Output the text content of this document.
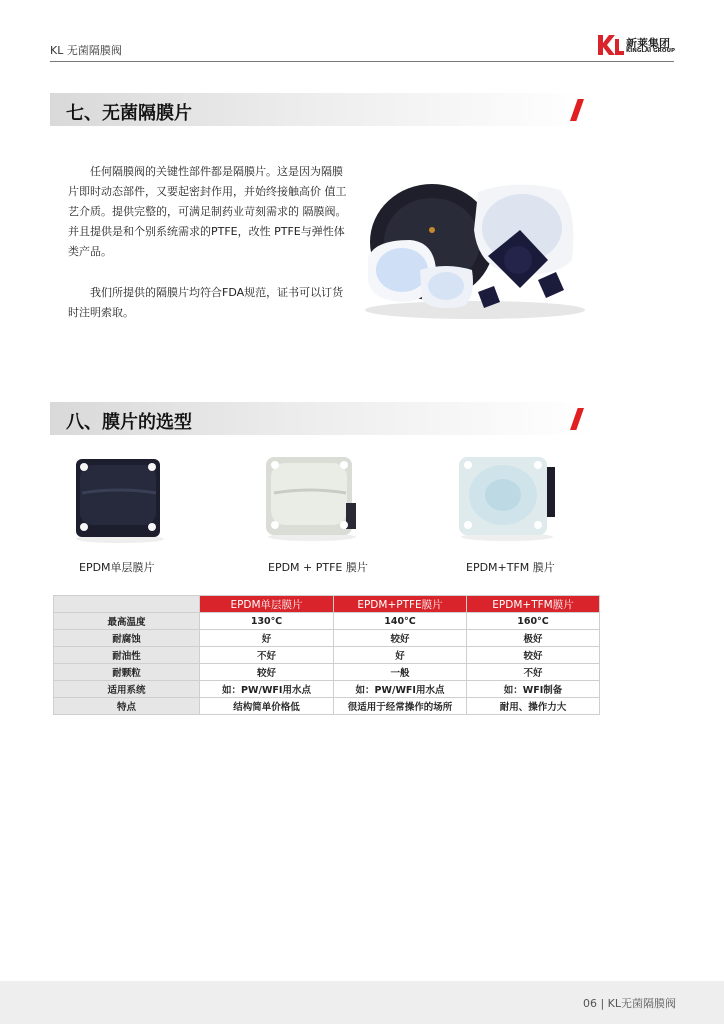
KL 无菌隔膜阀
新莱集团
KINGLAI GROUP
七、无菌隔膜片

任何隔膜阀的关键性部件都是隔膜片。这是因为隔膜 片即时动态部件，又要起密封作用，并始终接触高价 值工艺介质。提供完整的，可满足制药业苛刻需求的 隔膜阀。并且提供是和个别系统需求的PTFE，改性 PTFE与弹性体类产品。

我们所提供的隔膜片均符合FDA规范，证书可以订货时注明索取。

八、膜片的选型
EPDM单层膜片	EPDM + PTFE 膜片	EPDM+TFM 膜片
	EPDM单层膜片	EPDM+PTFE膜片	EPDM+TFM膜片
最高温度	130℃	140°C	160°C
耐腐蚀	好	较好	极好
耐油性	不好	好	较好
耐颗粒	较好	一般	不好
适用系统	如：PW/WFI用水点	如：PW/WFI用水点	如：WFI制备
特点	结构简单价格低	很适用于经常操作的场所	耐用、操作力大
06 | KL无菌隔膜阀
